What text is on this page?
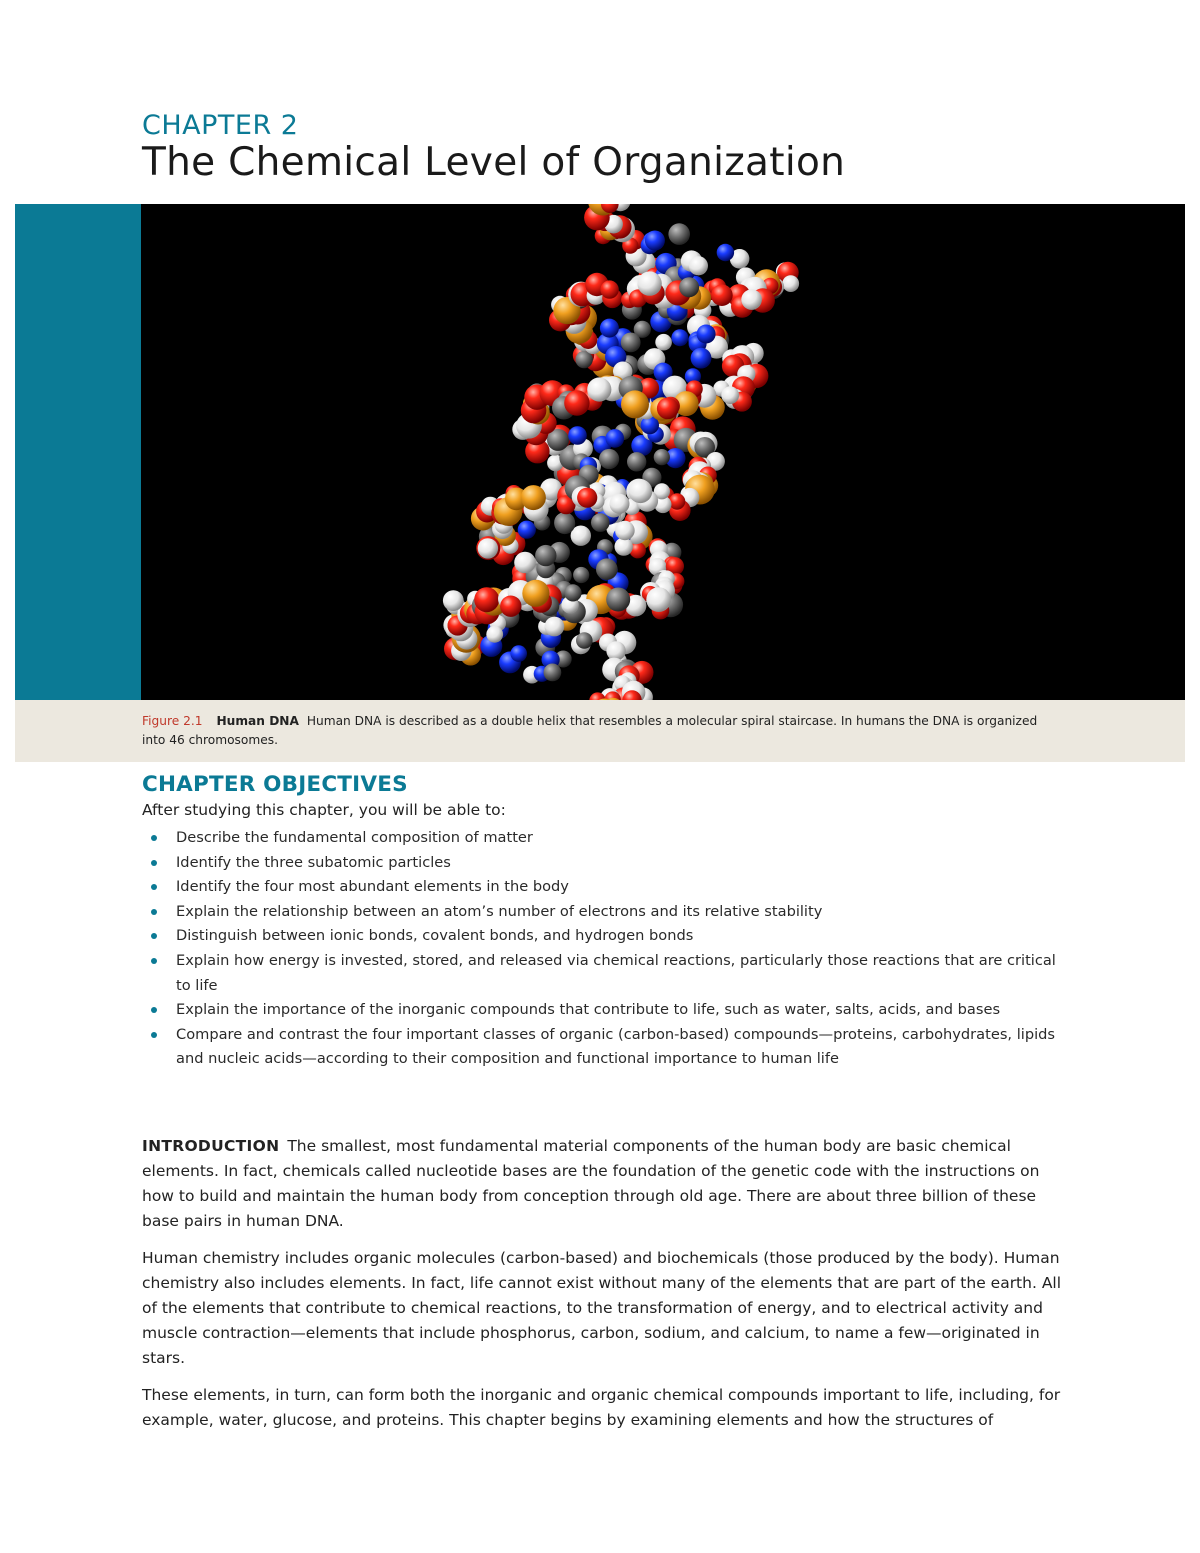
CHAPTER 2
The Chemical Level of Organization
Figure 2.1 Human DNA Human DNA is described as a double helix that resembles a molecular spiral staircase. In humans the DNA is organized into 46 chromosomes.
CHAPTER OBJECTIVES
After studying this chapter, you will be able to:
Describe the fundamental composition of matter
Identify the three subatomic particles
Identify the four most abundant elements in the body
Explain the relationship between an atom’s number of electrons and its relative stability
Distinguish between ionic bonds, covalent bonds, and hydrogen bonds
Explain how energy is invested, stored, and released via chemical reactions, particularly those reactions that are critical to life
Explain the importance of the inorganic compounds that contribute to life, such as water, salts, acids, and bases
Compare and contrast the four important classes of organic (carbon-based) compounds—proteins, carbohydrates, lipids and nucleic acids—according to their composition and functional importance to human life

INTRODUCTION The smallest, most fundamental material components of the human body are basic chemical elements. In fact, chemicals called nucleotide bases are the foundation of the genetic code with the instructions on how to build and maintain the human body from conception through old age. There are about three billion of these base pairs in human DNA.

Human chemistry includes organic molecules (carbon-based) and biochemicals (those produced by the body). Human chemistry also includes elements. In fact, life cannot exist without many of the elements that are part of the earth. All of the elements that contribute to chemical reactions, to the transformation of energy, and to electrical activity and muscle contraction—elements that include phosphorus, carbon, sodium, and calcium, to name a few—originated in stars.

These elements, in turn, can form both the inorganic and organic chemical compounds important to life, including, for example, water, glucose, and proteins. This chapter begins by examining elements and how the structures of
